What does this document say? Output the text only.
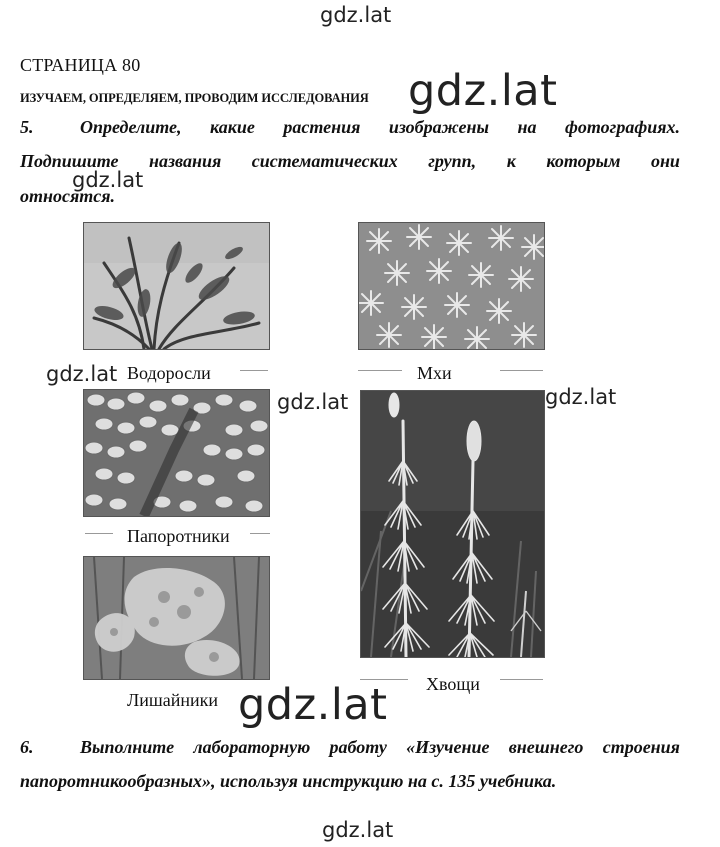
gdz.lat
СТРАНИЦА 80
ИЗУЧАЕМ, ОПРЕДЕЛЯЕМ, ПРОВОДИМ ИССЛЕДОВАНИЯ gdz.lat
5.	Определите, какие растения изображены на фотографиях.
Подпишите названия систематических групп, к которым они
gdz.lat
относятся.
gdz.lat Водоросли	Мхи
gdz.lat
Папоротники
gdz.lat
Хвощи
Лишайники gdz.lat
6.	Выполните лабораторную работу «Изучение внешнего строения
папоротникообразных», используя инструкцию на с. 135 учебника.
gdz.lat
